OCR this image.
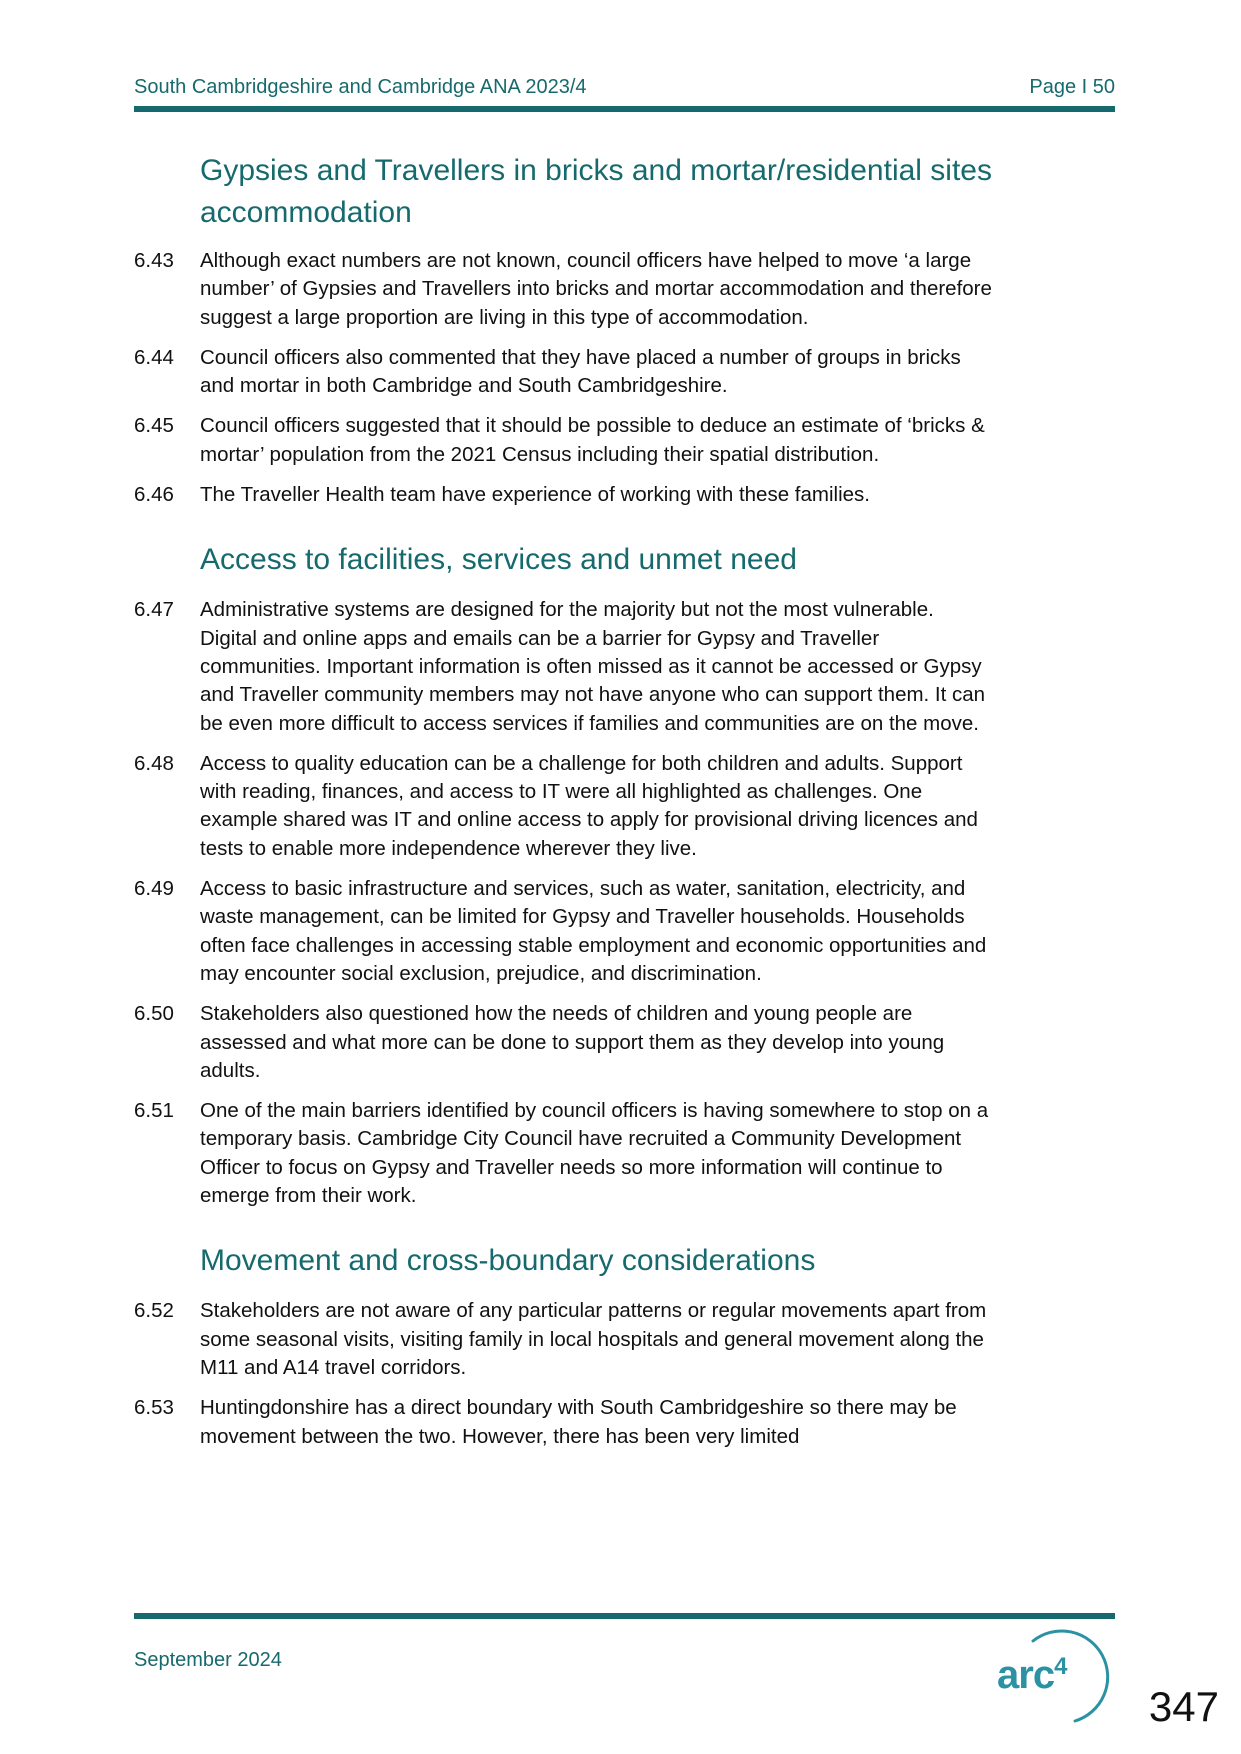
South Cambridgeshire and Cambridge ANA 2023/4	Page I 50
Gypsies and Travellers in bricks and mortar/residential sites accommodation
6.43	Although exact numbers are not known, council officers have helped to move ‘a large number’ of Gypsies and Travellers into bricks and mortar accommodation and therefore suggest a large proportion are living in this type of accommodation.
6.44	Council officers also commented that they have placed a number of groups in bricks and mortar in both Cambridge and South Cambridgeshire.
6.45	Council officers suggested that it should be possible to deduce an estimate of ‘bricks & mortar’ population from the 2021 Census including their spatial distribution.
6.46	The Traveller Health team have experience of working with these families.
Access to facilities, services and unmet need
6.47	Administrative systems are designed for the majority but not the most vulnerable. Digital and online apps and emails can be a barrier for Gypsy and Traveller communities. Important information is often missed as it cannot be accessed or Gypsy and Traveller community members may not have anyone who can support them. It can be even more difficult to access services if families and communities are on the move.
6.48	Access to quality education can be a challenge for both children and adults. Support with reading, finances, and access to IT were all highlighted as challenges. One example shared was IT and online access to apply for provisional driving licences and tests to enable more independence wherever they live.
6.49	Access to basic infrastructure and services, such as water, sanitation, electricity, and waste management, can be limited for Gypsy and Traveller households. Households often face challenges in accessing stable employment and economic opportunities and may encounter social exclusion, prejudice, and discrimination.
6.50	Stakeholders also questioned how the needs of children and young people are assessed and what more can be done to support them as they develop into young adults.
6.51	One of the main barriers identified by council officers is having somewhere to stop on a temporary basis. Cambridge City Council have recruited a Community Development Officer to focus on Gypsy and Traveller needs so more information will continue to emerge from their work.
Movement and cross-boundary considerations
6.52	Stakeholders are not aware of any particular patterns or regular movements apart from some seasonal visits, visiting family in local hospitals and general movement along the M11 and A14 travel corridors.
6.53	Huntingdonshire has a direct boundary with South Cambridgeshire so there may be movement between the two. However, there has been very limited
September 2024	arc$^4$
347
